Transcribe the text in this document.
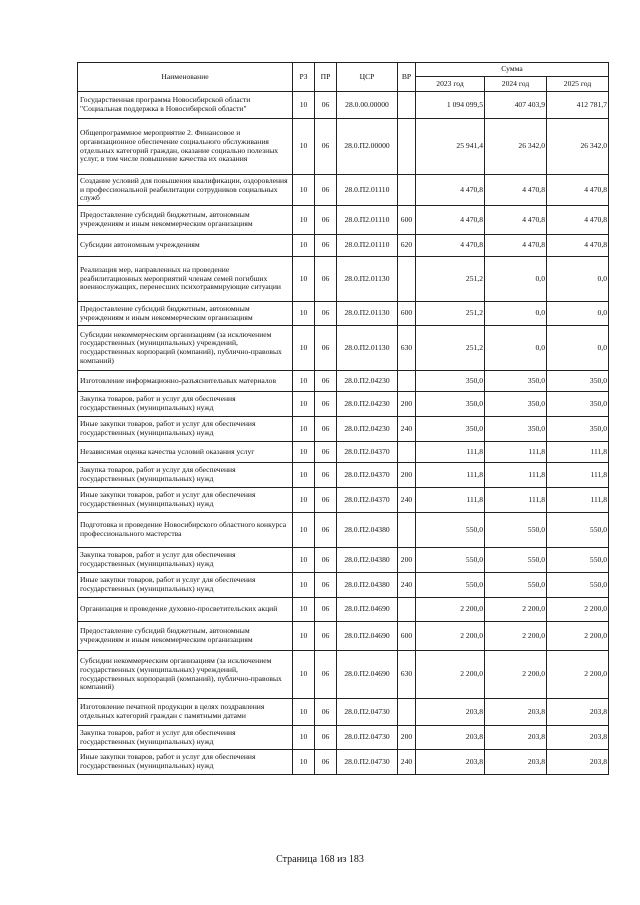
Наименование	РЗ	ПР	ЦСР	ВР	Сумма		
					2023 год	2024 год	2025 год
Государственная программа Новосибирской области "Социальная поддержка в Новосибирской области"	10	06	28.0.00.00000		1 094 099,5	407 403,9	412 781,7
Общепрограммное мероприятие 2. Финансовое и организационное обеспечение социального обслуживания отдельных категорий граждан, оказание социально полезных услуг, в том числе повышение качества их оказания	10	06	28.0.П2.00000		25 941,4	26 342,0	26 342,0
Создание условий для повышения квалификации, оздоровления и профессиональной реабилитации сотрудников социальных служб	10	06	28.0.П2.01110		4 470,8	4 470,8	4 470,8
Предоставление субсидий бюджетным, автономным учреждениям и иным некоммерческим организациям	10	06	28.0.П2.01110	600	4 470,8	4 470,8	4 470,8
Субсидии автономным учреждениям	10	06	28.0.П2.01110	620	4 470,8	4 470,8	4 470,8
Реализация мер, направленных на проведение реабилитационных мероприятий членам семей погибших военнослужащих, перенесших психотравмирующие ситуации	10	06	28.0.П2.01130		251,2	0,0	0,0
Предоставление субсидий бюджетным, автономным учреждениям и иным некоммерческим организациям	10	06	28.0.П2.01130	600	251,2	0,0	0,0
Субсидии некоммерческим организациям (за исключением государственных (муниципальных) учреждений, государственных корпораций (компаний), публично-правовых компаний)	10	06	28.0.П2.01130	630	251,2	0,0	0,0
Изготовление информационно-разъяснительных материалов	10	06	28.0.П2.04230		350,0	350,0	350,0
Закупка товаров, работ и услуг для обеспечения государственных (муниципальных) нужд	10	06	28.0.П2.04230	200	350,0	350,0	350,0
Иные закупки товаров, работ и услуг для обеспечения государственных (муниципальных) нужд	10	06	28.0.П2.04230	240	350,0	350,0	350,0
Независимая оценка качества условий оказания услуг	10	06	28.0.П2.04370		111,8	111,8	111,8
Закупка товаров, работ и услуг для обеспечения государственных (муниципальных) нужд	10	06	28.0.П2.04370	200	111,8	111,8	111,8
Иные закупки товаров, работ и услуг для обеспечения государственных (муниципальных) нужд	10	06	28.0.П2.04370	240	111,8	111,8	111,8
Подготовка и проведение Новосибирского областного конкурса профессионального мастерства	10	06	28.0.П2.04380		550,0	550,0	550,0
Закупка товаров, работ и услуг для обеспечения государственных (муниципальных) нужд	10	06	28.0.П2.04380	200	550,0	550,0	550,0
Иные закупки товаров, работ и услуг для обеспечения государственных (муниципальных) нужд	10	06	28.0.П2.04380	240	550,0	550,0	550,0
Организация и проведение духовно-просветительских акций	10	06	28.0.П2.04690		2 200,0	2 200,0	2 200,0
Предоставление субсидий бюджетным, автономным учреждениям и иным некоммерческим организациям	10	06	28.0.П2.04690	600	2 200,0	2 200,0	2 200,0
Субсидии некоммерческим организациям (за исключением государственных (муниципальных) учреждений, государственных корпораций (компаний), публично-правовых компаний)	10	06	28.0.П2.04690	630	2 200,0	2 200,0	2 200,0
Изготовление печатной продукции в целях поздравления отдельных категорий граждан с памятными датами	10	06	28.0.П2.04730		203,8	203,8	203,8
Закупка товаров, работ и услуг для обеспечения государственных (муниципальных) нужд	10	06	28.0.П2.04730	200	203,8	203,8	203,8
Иные закупки товаров, работ и услуг для обеспечения государственных (муниципальных) нужд	10	06	28.0.П2.04730	240	203,8	203,8	203,8
Страница 168 из 183
